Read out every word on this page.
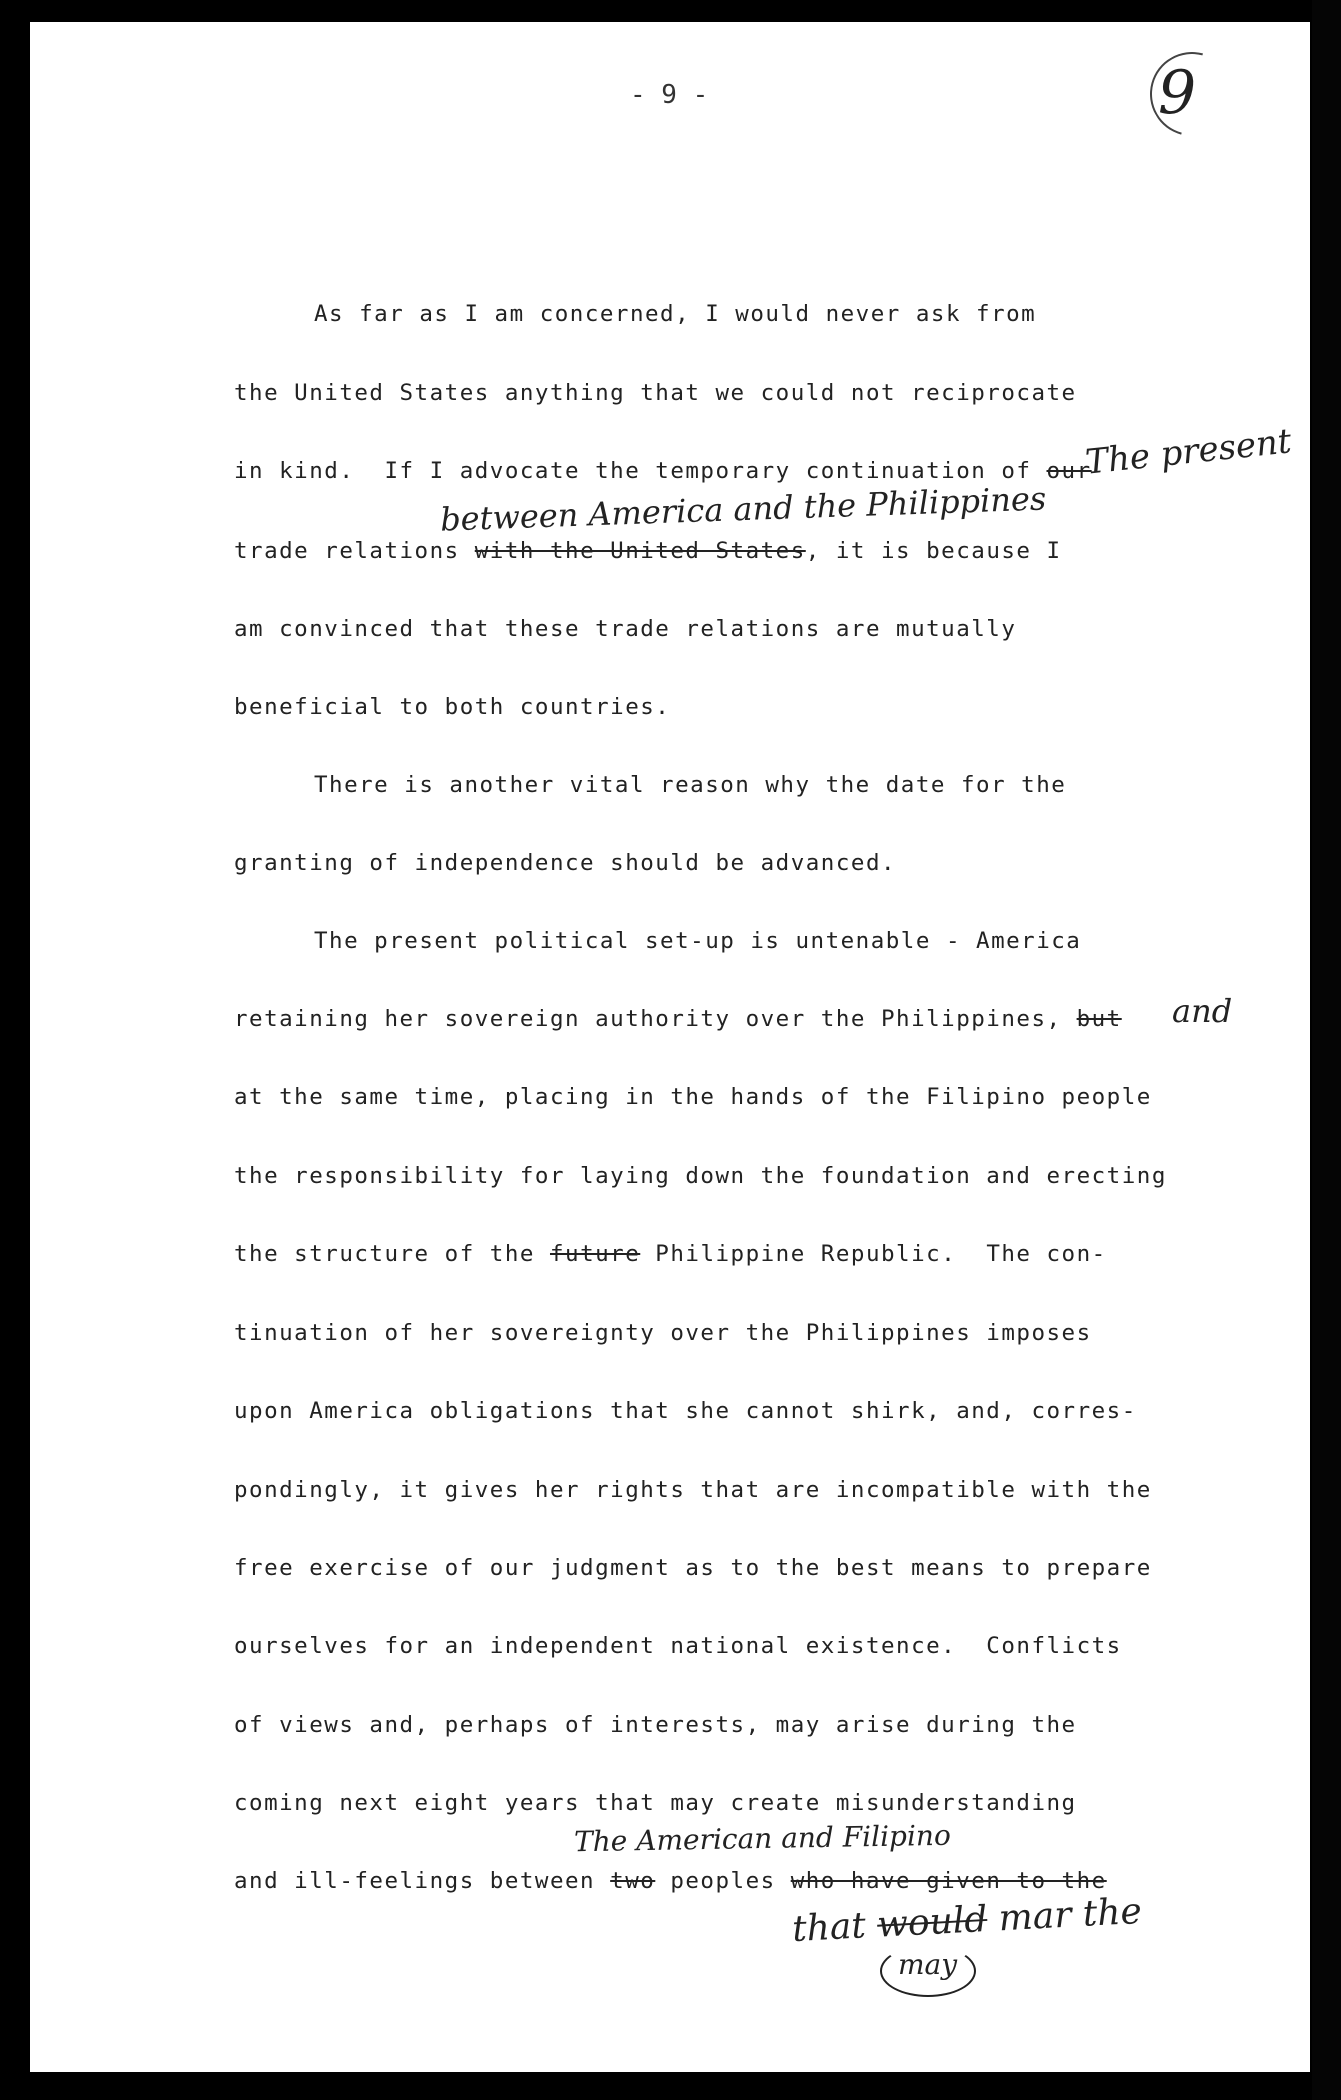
- 9 -	9
As far as I am concerned, I would never ask from
the United States anything that we could not reciprocate
in kind.  If I advocate the temporary continuation of our
The present
between America and the Philippines
trade relations with the United States, it is because I
am convinced that these trade relations are mutually
beneficial to both countries.
There is another vital reason why the date for the
granting of independence should be advanced.
The present political set-up is untenable - America
retaining her sovereign authority over the Philippines, but and
at the same time, placing in the hands of the Filipino people
the responsibility for laying down the foundation and erecting
the structure of the future Philippine Republic.  The con-
tinuation of her sovereignty over the Philippines imposes
upon America obligations that she cannot shirk, and, corres-
pondingly, it gives her rights that are incompatible with the
free exercise of our judgment as to the best means to prepare
ourselves for an independent national existence.  Conflicts
of views and, perhaps of interests, may arise during the
coming next eight years that may create misunderstanding
The American and Filipino
and ill-feelings between two peoples who have given to the
that would mar the
may
